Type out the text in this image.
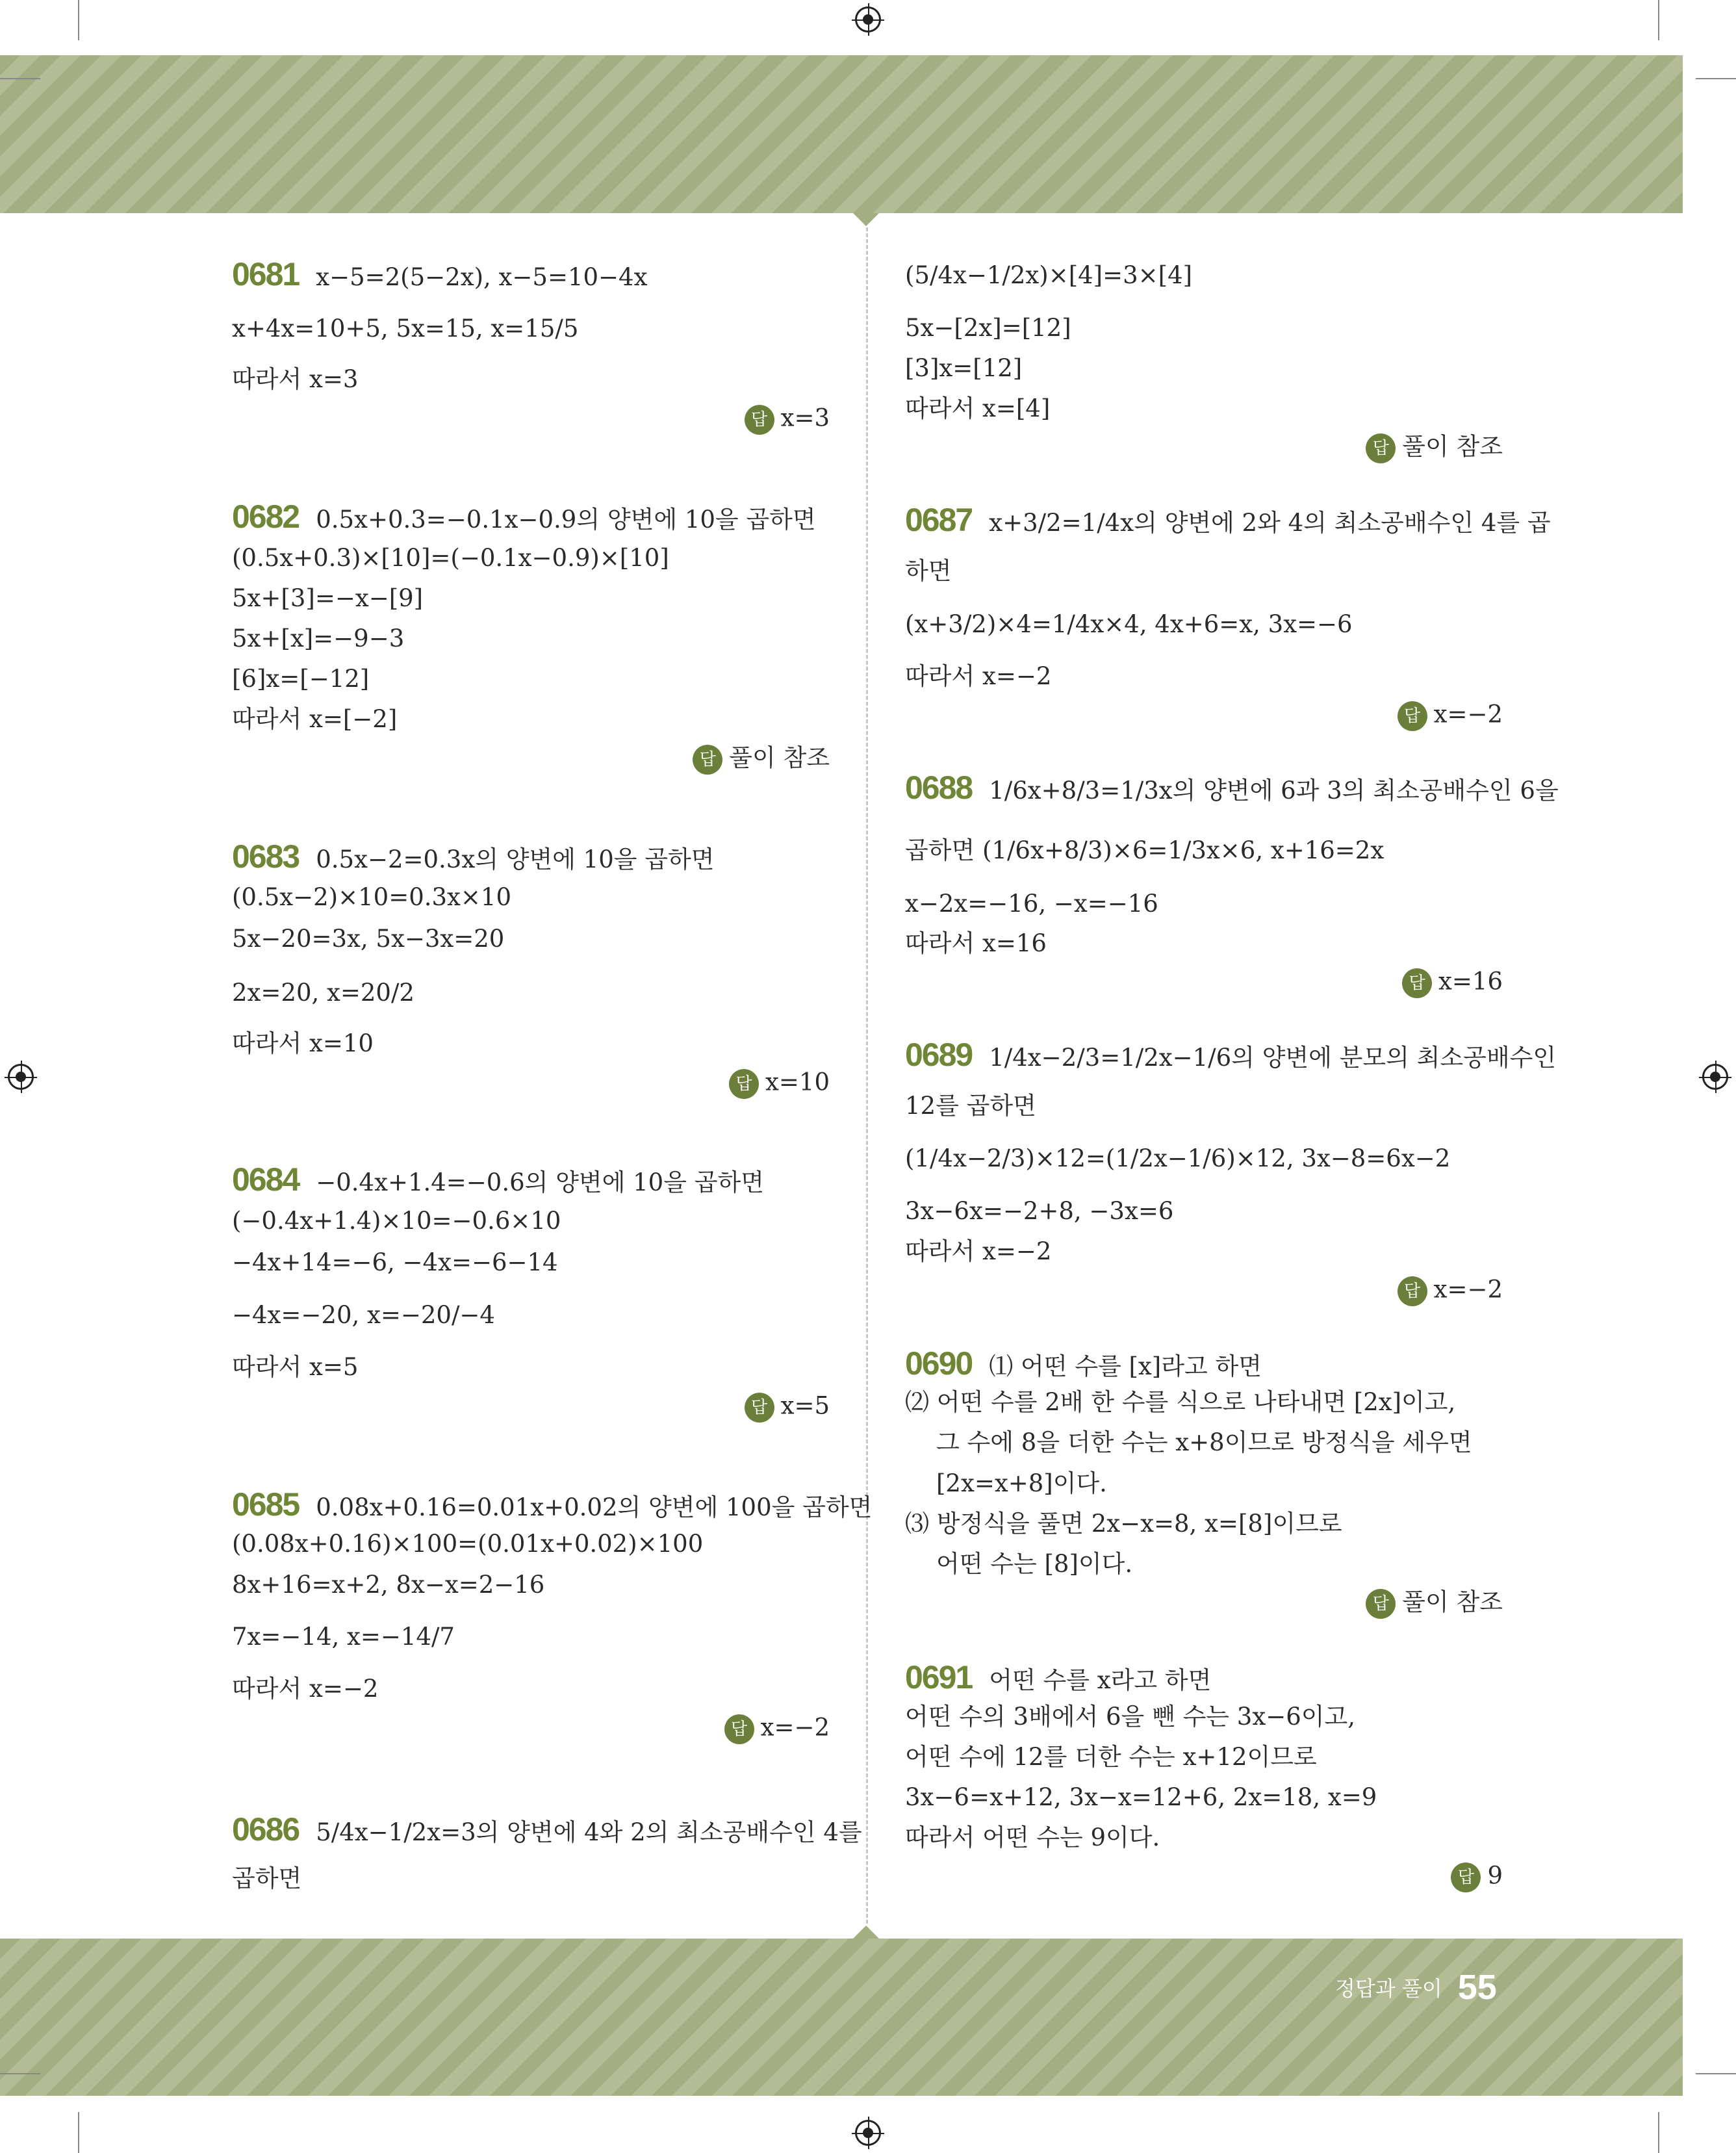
0681 x−5=2(5−2x), x−5=10−4x
x+4x=10+5, 5x=15, x=15/5
따라서 x=3
답 x=3
0682 0.5x+0.3=−0.1x−0.9의 양변에 10을 곱하면
(0.5x+0.3)×[10]=(−0.1x−0.9)×[10]
5x+[3]=−x−[9]
5x+[x]=−9−3
[6]x=[−12]
따라서 x=[−2]
답 풀이 참조
0683 0.5x−2=0.3x의 양변에 10을 곱하면
(0.5x−2)×10=0.3x×10
5x−20=3x, 5x−3x=20
2x=20, x=20/2
따라서 x=10
답 x=10
0684 −0.4x+1.4=−0.6의 양변에 10을 곱하면
(−0.4x+1.4)×10=−0.6×10
−4x+14=−6, −4x=−6−14
−4x=−20, x=−20/−4
따라서 x=5
답 x=5
0685 0.08x+0.16=0.01x+0.02의 양변에 100을 곱하면
(0.08x+0.16)×100=(0.01x+0.02)×100
8x+16=x+2, 8x−x=2−16
7x=−14, x=−14/7
따라서 x=−2
답 x=−2
0686 5/4x−1/2x=3의 양변에 4와 2의 최소공배수인 4를
곱하면
(5/4x−1/2x)×[4]=3×[4]
5x−[2x]=[12]
[3]x=[12]
따라서 x=[4]
답 풀이 참조
0687 x+3/2=1/4x의 양변에 2와 4의 최소공배수인 4를 곱
하면
(x+3/2)×4=1/4x×4, 4x+6=x, 3x=−6
따라서 x=−2
답 x=−2
0688 1/6x+8/3=1/3x의 양변에 6과 3의 최소공배수인 6을
곱하면 (1/6x+8/3)×6=1/3x×6, x+16=2x
x−2x=−16, −x=−16
따라서 x=16
답 x=16
0689 1/4x−2/3=1/2x−1/6의 양변에 분모의 최소공배수인
12를 곱하면
(1/4x−2/3)×12=(1/2x−1/6)×12, 3x−8=6x−2
3x−6x=−2+8, −3x=6
따라서 x=−2
답 x=−2
0690 ⑴ 어떤 수를 [x]라고 하면
⑵ 어떤 수를 2배 한 수를 식으로 나타내면 [2x]이고,
그 수에 8을 더한 수는 x+8이므로 방정식을 세우면
[2x=x+8]이다.
⑶ 방정식을 풀면 2x−x=8, x=[8]이므로
어떤 수는 [8]이다.
답 풀이 참조
0691 어떤 수를 x라고 하면
어떤 수의 3배에서 6을 뺀 수는 3x−6이고,
어떤 수에 12를 더한 수는 x+12이므로
3x−6=x+12, 3x−x=12+6, 2x=18, x=9
따라서 어떤 수는 9이다.
답 9
정답과 풀이 55
